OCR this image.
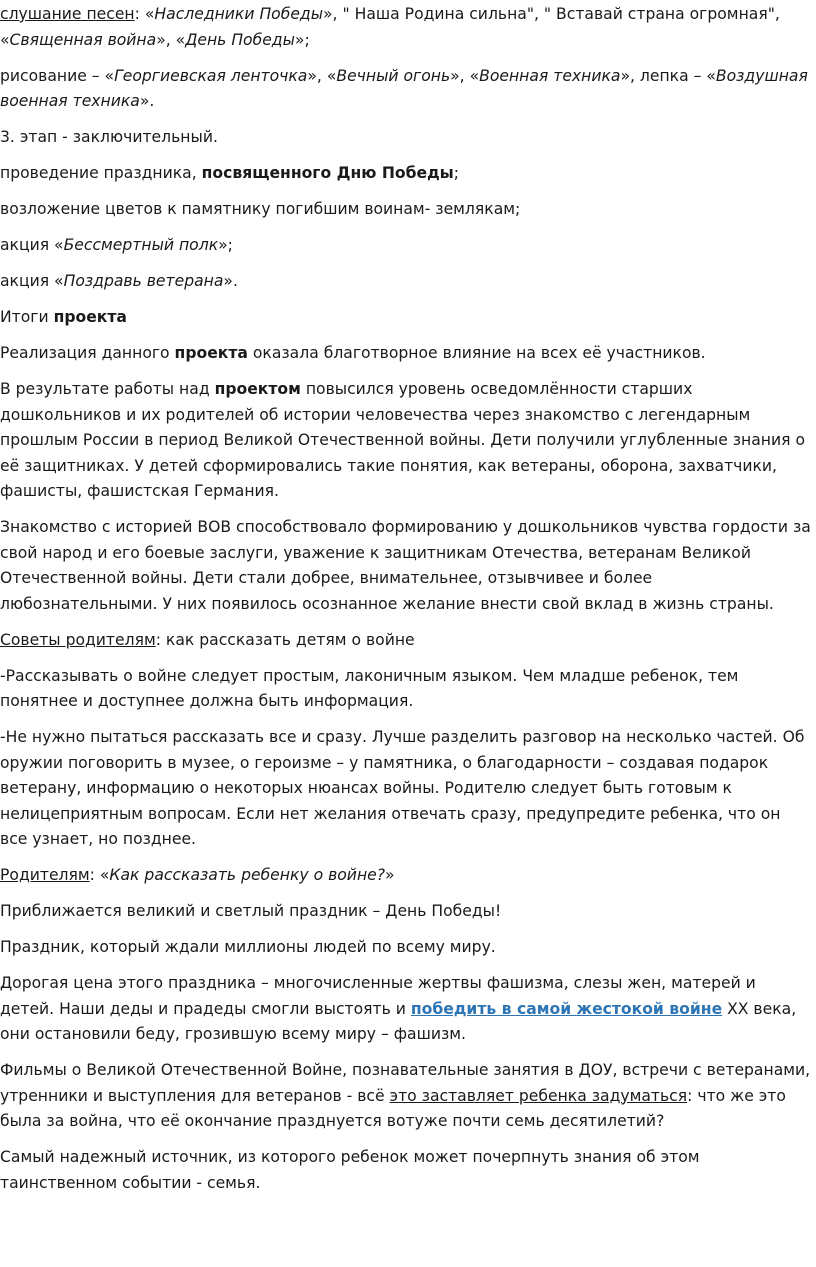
слушание песен: «Наследники Победы», " Наша Родина сильна", " Вставай страна огромная", «Священная война», «День Победы»;

рисование – «Георгиевская ленточка», «Вечный огонь», «Военная техника», лепка – «Воздушная военная техника».

3. этап - заключительный.

проведение праздника, посвященного Дню Победы;

возложение цветов к памятнику погибшим воинам- землякам;

акция «Бессмертный полк»;

акция «Поздравь ветерана».

Итоги проекта

Реализация данного проекта оказала благотворное влияние на всех её участников.

В результате работы над проектом повысился уровень осведомлённости старших дошкольников и их родителей об истории человечества через знакомство с легендарным прошлым России в период Великой Отечественной войны. Дети получили углубленные знания о её защитниках. У детей сформировались такие понятия, как ветераны, оборона, захватчики, фашисты, фашистская Германия.

Знакомство с историей ВОВ способствовало формированию у дошкольников чувства гордости за свой народ и его боевые заслуги, уважение к защитникам Отечества, ветеранам Великой Отечественной войны. Дети стали добрее, внимательнее, отзывчивее и более любознательными. У них появилось осознанное желание внести свой вклад в жизнь страны.

Советы родителям: как рассказать детям о войне

-Рассказывать о войне следует простым, лаконичным языком. Чем младше ребенок, тем понятнее и доступнее должна быть информация.

-Не нужно пытаться рассказать все и сразу. Лучше разделить разговор на несколько частей. Об оружии поговорить в музее, о героизме – у памятника, о благодарности – создавая подарок ветерану, информацию о некоторых нюансах войны. Родителю следует быть готовым к нелицеприятным вопросам. Если нет желания отвечать сразу, предупредите ребенка, что он все узнает, но позднее.

Родителям: «Как рассказать ребенку о войне?»

Приближается великий и светлый праздник – День Победы!

Праздник, который ждали миллионы людей по всему миру.

Дорогая цена этого праздника – многочисленные жертвы фашизма, слезы жен, матерей и детей. Наши деды и прадеды смогли выстоять и победить в самой жестокой войне XX века, они остановили беду, грозившую всему миру – фашизм.

Фильмы о Великой Отечественной Войне, познавательные занятия в ДОУ, встречи с ветеранами, утренники и выступления для ветеранов - всё это заставляет ребенка задуматься: что же это была за война, что её окончание празднуется вотуже почти семь десятилетий?

Самый надежный источник, из которого ребенок может почерпнуть знания об этом таинственном событии - семья.
